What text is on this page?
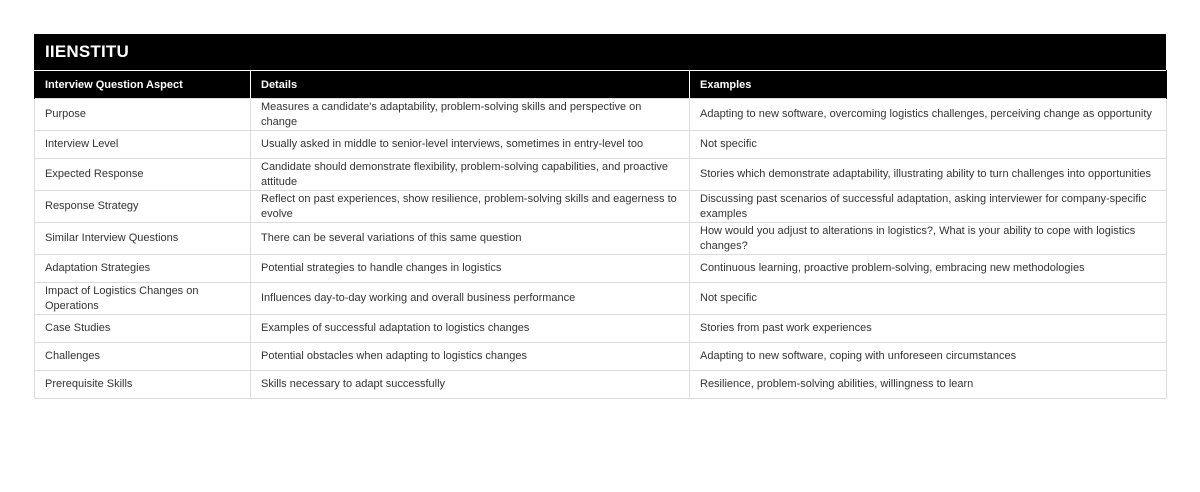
IIENSTITU
Interview Question Aspect	Details	Examples
Purpose	Measures a candidate's adaptability, problem-solving skills and perspective on change	Adapting to new software, overcoming logistics challenges, perceiving change as opportunity
Interview Level	Usually asked in middle to senior-level interviews, sometimes in entry-level too	Not specific
Expected Response	Candidate should demonstrate flexibility, problem-solving capabilities, and proactive attitude	Stories which demonstrate adaptability, illustrating ability to turn challenges into opportunities
Response Strategy	Reflect on past experiences, show resilience, problem-solving skills and eagerness to evolve	Discussing past scenarios of successful adaptation, asking interviewer for company-specific examples
Similar Interview Questions	There can be several variations of this same question	How would you adjust to alterations in logistics?, What is your ability to cope with logistics changes?
Adaptation Strategies	Potential strategies to handle changes in logistics	Continuous learning, proactive problem-solving, embracing new methodologies
Impact of Logistics Changes on Operations	Influences day-to-day working and overall business performance	Not specific
Case Studies	Examples of successful adaptation to logistics changes	Stories from past work experiences
Challenges	Potential obstacles when adapting to logistics changes	Adapting to new software, coping with unforeseen circumstances
Prerequisite Skills	Skills necessary to adapt successfully	Resilience, problem-solving abilities, willingness to learn
